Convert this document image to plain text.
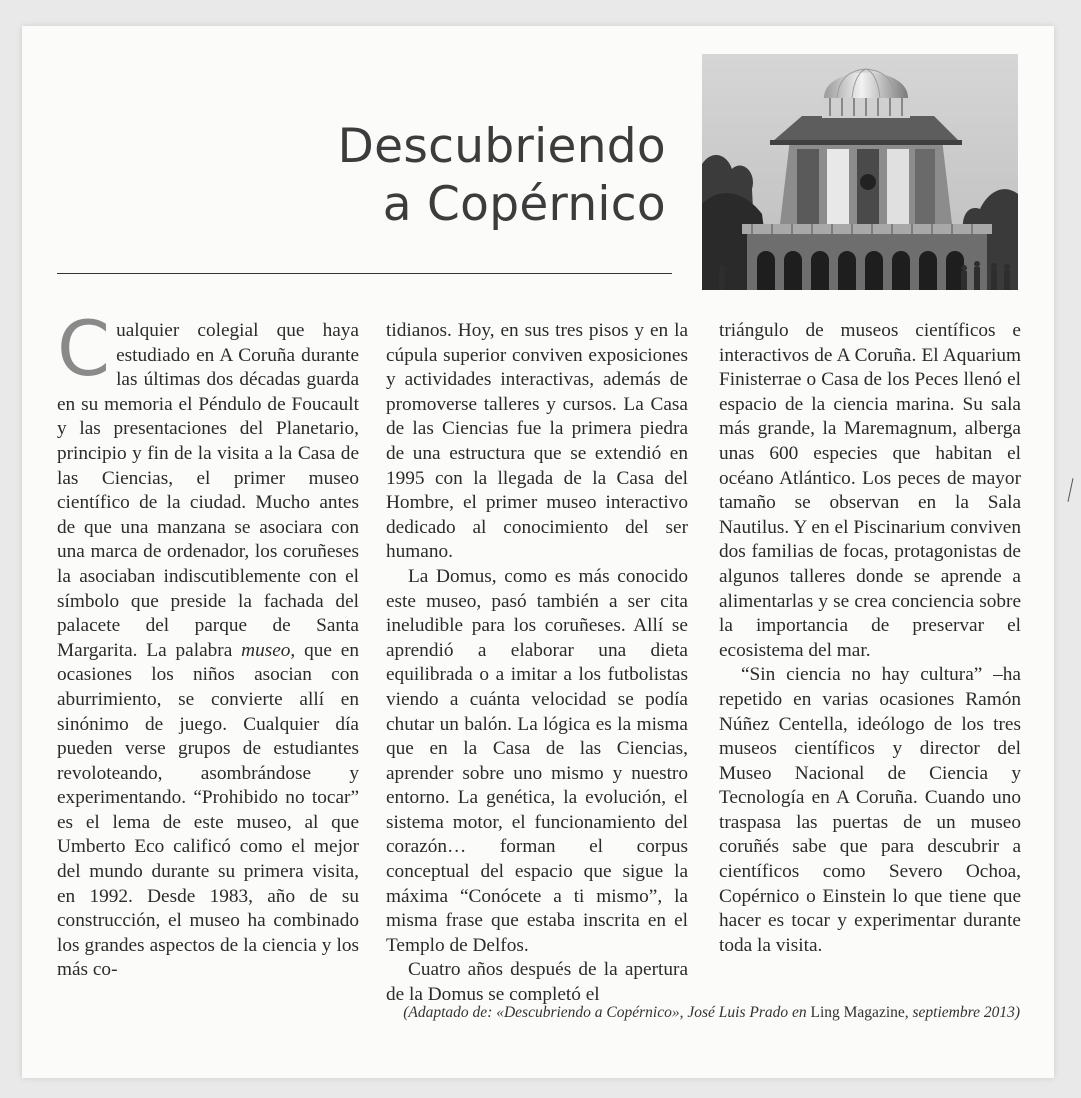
Descubriendo
a Copérnico

Cualquier colegial que haya estudiado en A Coruña durante las últimas dos décadas guarda en su memoria el Péndulo de Foucault y las presentaciones del Planetario, principio y fin de la visita a la Casa de las Ciencias, el primer museo científico de la ciudad. Mucho antes de que una manzana se asociara con una marca de ordenador, los coruñeses la asociaban indiscutiblemente con el símbolo que preside la fachada del palacete del parque de Santa Margarita. La palabra museo, que en ocasiones los niños asocian con aburrimiento, se convierte allí en sinónimo de juego. Cualquier día pueden verse grupos de estudiantes revoloteando, asombrándose y experimentando. “Prohibido no tocar” es el lema de este museo, al que Umberto Eco calificó como el mejor del mundo durante su primera visita, en 1992. Desde 1983, año de su construcción, el museo ha combinado los grandes aspectos de la ciencia y los más co-

tidianos. Hoy, en sus tres pisos y en la cúpula superior conviven exposiciones y actividades interactivas, además de promoverse talleres y cursos. La Casa de las Ciencias fue la primera piedra de una estructura que se extendió en 1995 con la llegada de la Casa del Hombre, el primer museo interactivo dedicado al conocimiento del ser humano.

La Domus, como es más conocido este museo, pasó también a ser cita ineludible para los coruñeses. Allí se aprendió a elaborar una dieta equilibrada o a imitar a los futbolistas viendo a cuánta velocidad se podía chutar un balón. La lógica es la misma que en la Casa de las Ciencias, aprender sobre uno mismo y nuestro entorno. La genética, la evolución, el sistema motor, el funcionamiento del corazón… forman el corpus conceptual del espacio que sigue la máxima “Conócete a ti mismo”, la misma frase que estaba inscrita en el Templo de Delfos.

Cuatro años después de la apertura de la Domus se completó el

triángulo de museos científicos e interactivos de A Coruña. El Aquarium Finisterrae o Casa de los Peces llenó el espacio de la ciencia marina. Su sala más grande, la Maremagnum, alberga unas 600 especies que habitan el océano Atlántico. Los peces de mayor tamaño se observan en la Sala Nautilus. Y en el Piscinarium conviven dos familias de focas, protagonistas de algunos talleres donde se aprende a alimentarlas y se crea conciencia sobre la importancia de preservar el ecosistema del mar.

“Sin ciencia no hay cultura” –ha repetido en varias ocasiones Ramón Núñez Centella, ideólogo de los tres museos científicos y director del Museo Nacional de Ciencia y Tecnología en A Coruña. Cuando uno traspasa las puertas de un museo coruñés sabe que para descubrir a científicos como Severo Ochoa, Copérnico o Einstein lo que tiene que hacer es tocar y experimentar durante toda la visita.

(Adaptado de: «Descubriendo a Copérnico», José Luis Prado en Ling Magazine, septiembre 2013)
